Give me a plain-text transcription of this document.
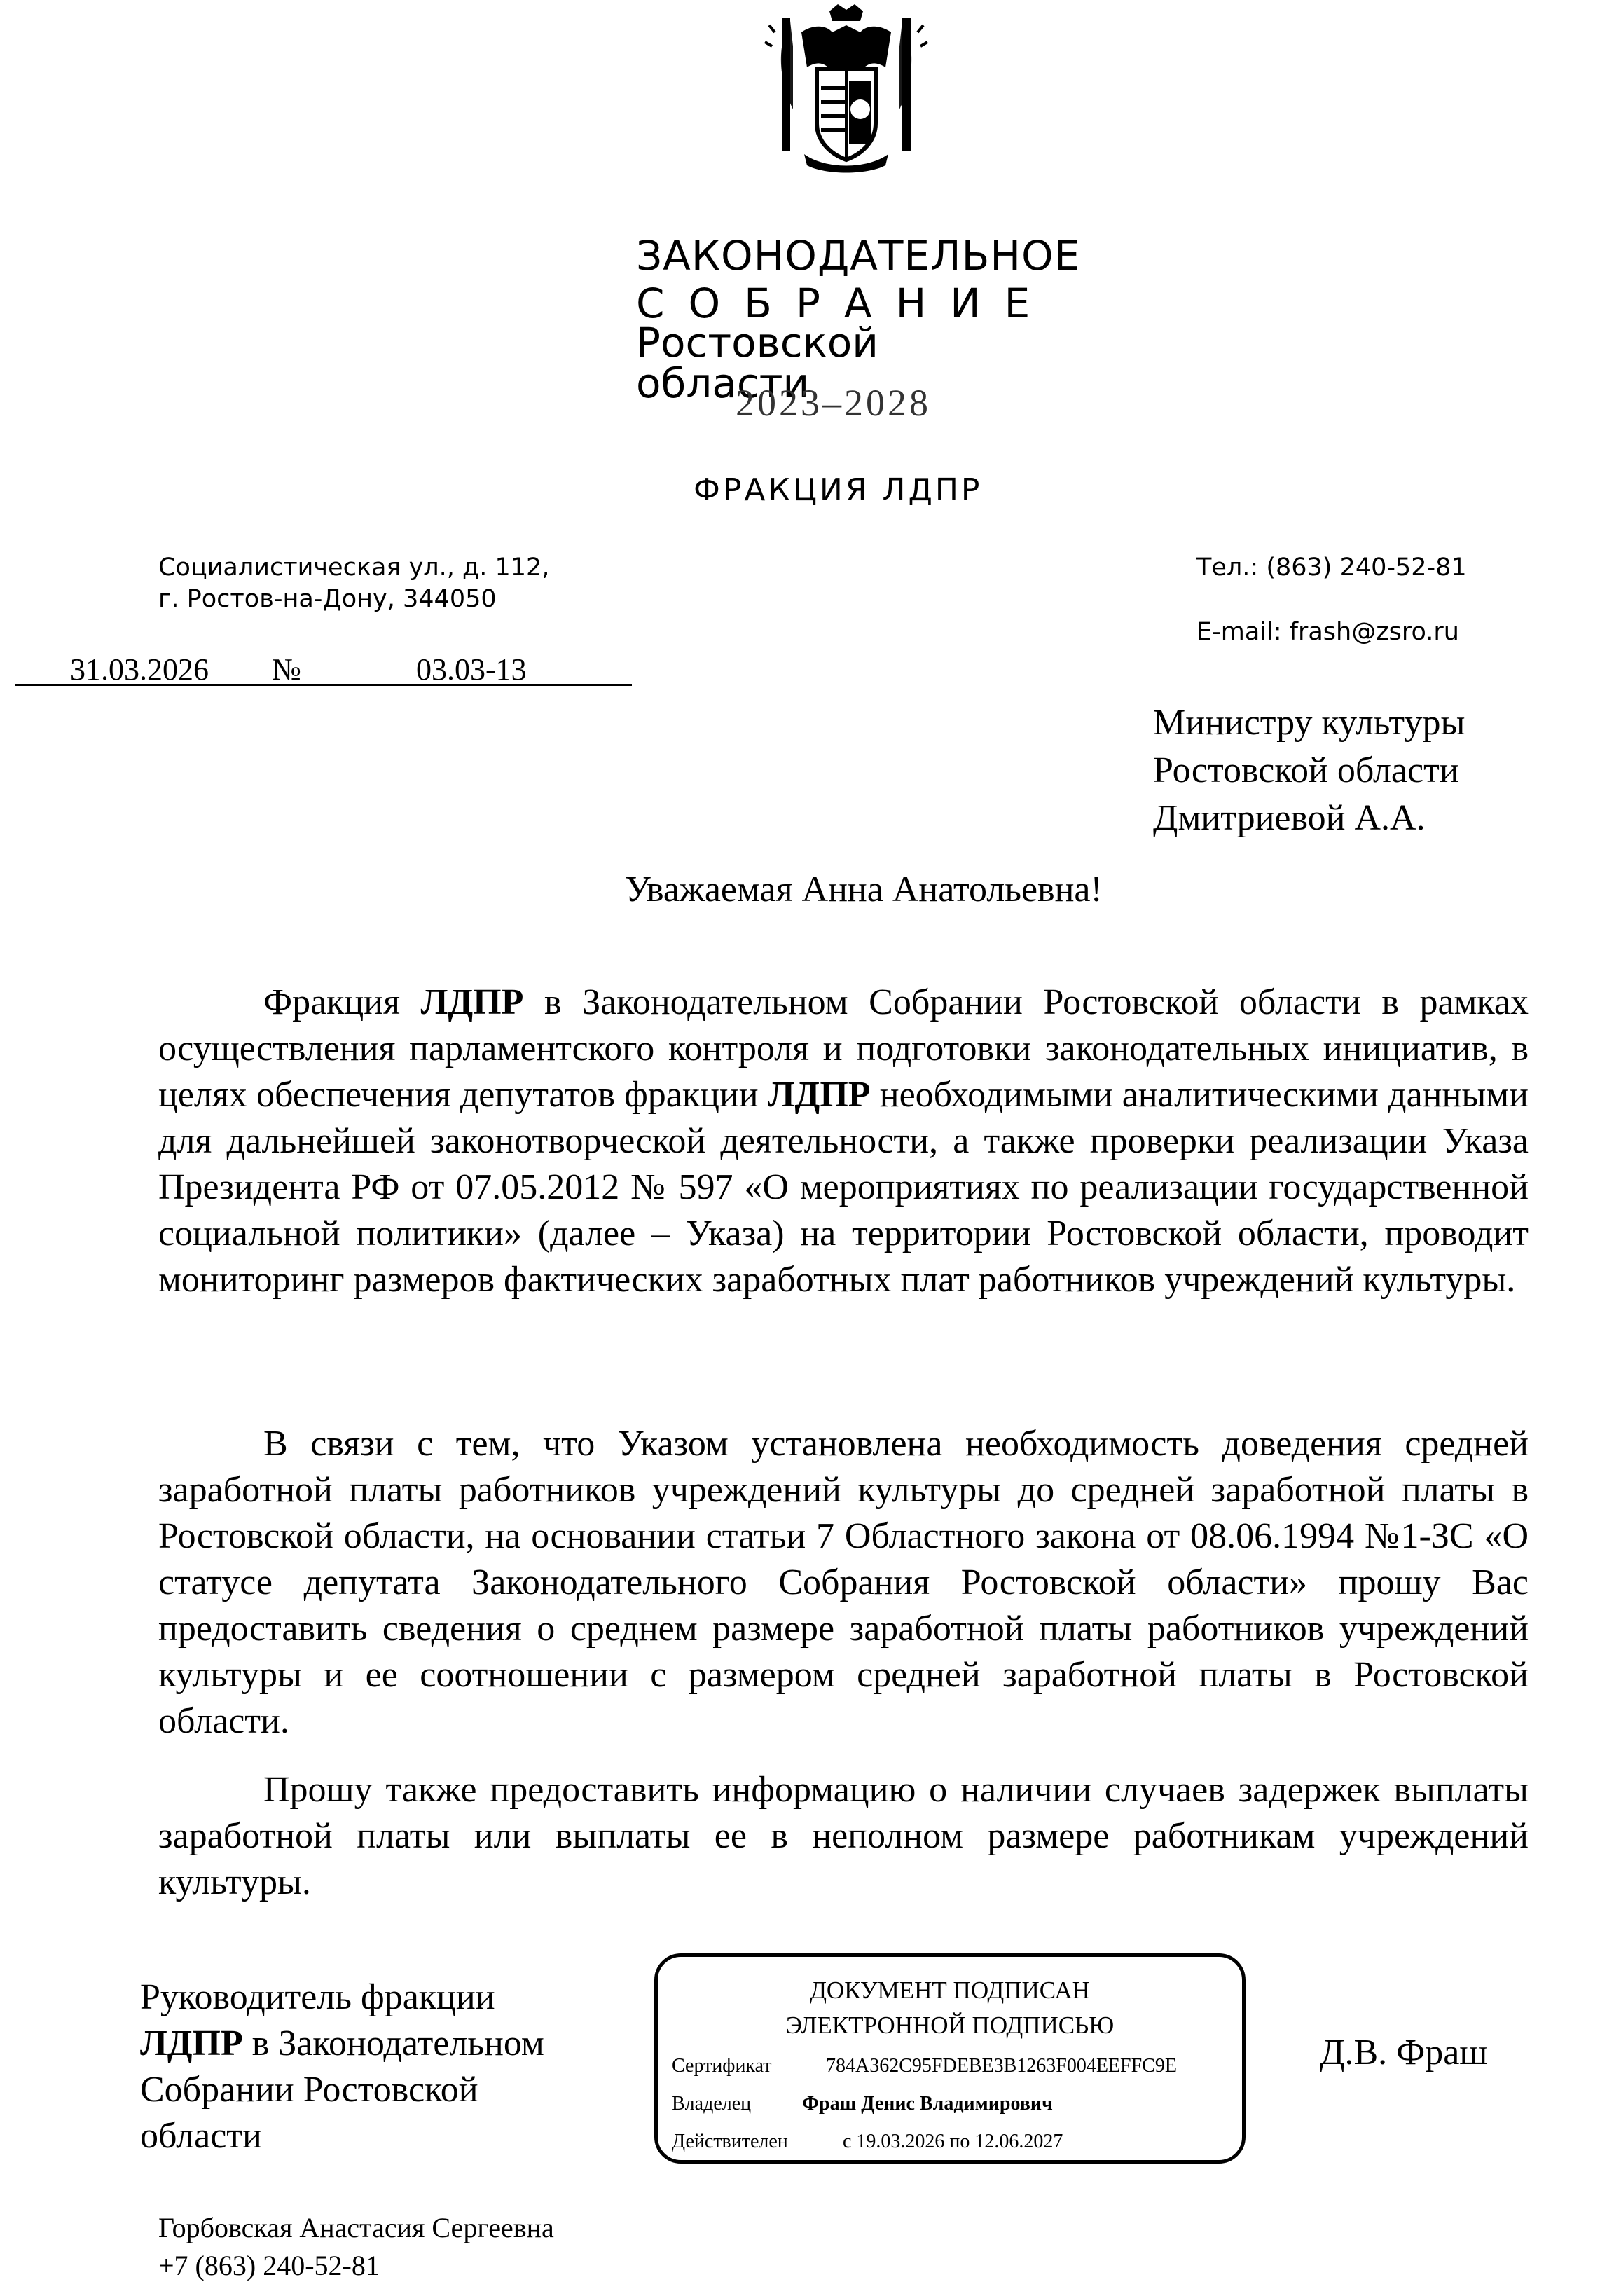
ЗАКОНОДАТЕЛЬНОЕ
СОБРАНИЕ
Ростовской области
2023–2028
ФРАКЦИЯ ЛДПР
Социалистическая ул., д. 112,
г. Ростов-на-Дону, 344050
Тел.: (863) 240-52-81
E-mail: frash@zsro.ru
31.03.2026 №	03.03-13
Министру культуры
Ростовской области
Дмитриевой А.А.
Уважаемая Анна Анатольевна!

Фракция ЛДПР в Законодательном Собрании Ростовской области в рамках осуществления парламентского контроля и подготовки законодательных инициатив, в целях обеспечения депутатов фракции ЛДПР необходимыми аналитическими данными для дальнейшей законотворческой деятельности, а также проверки реализации Указа Президента РФ от 07.05.2012 № 597 «О мероприятиях по реализации государственной социальной политики» (далее – Указа) на территории Ростовской области, проводит мониторинг размеров фактических заработных плат работников учреждений культуры.

В связи с тем, что Указом установлена необходимость доведения средней заработной платы работников учреждений культуры до средней заработной платы в Ростовской области, на основании статьи 7 Областного закона от 08.06.1994 №1-ЗС «О статусе депутата Законодательного Собрания Ростовской области» прошу Вас предоставить сведения о среднем размере заработной платы работников учреждений культуры и ее соотношении с размером средней заработной платы в Ростовской области.

Прошу также предоставить информацию о наличии случаев задержек выплаты заработной платы или выплаты ее в неполном размере работникам учреждений культуры.

Руководитель фракции
ЛДПР в Законодательном
Собрании Ростовской
области
ДОКУМЕНТ ПОДПИСАН
ЭЛЕКТРОННОЙ ПОДПИСЬЮ
Сертификат	784A362C95FDEBE3B1263F004EEFFC9E
Владелец	Фраш Денис Владимирович
Действителен	с 19.03.2026 по 12.06.2027
Д.В. Фраш
Горбовская Анастасия Сергеевна
+7 (863) 240-52-81
